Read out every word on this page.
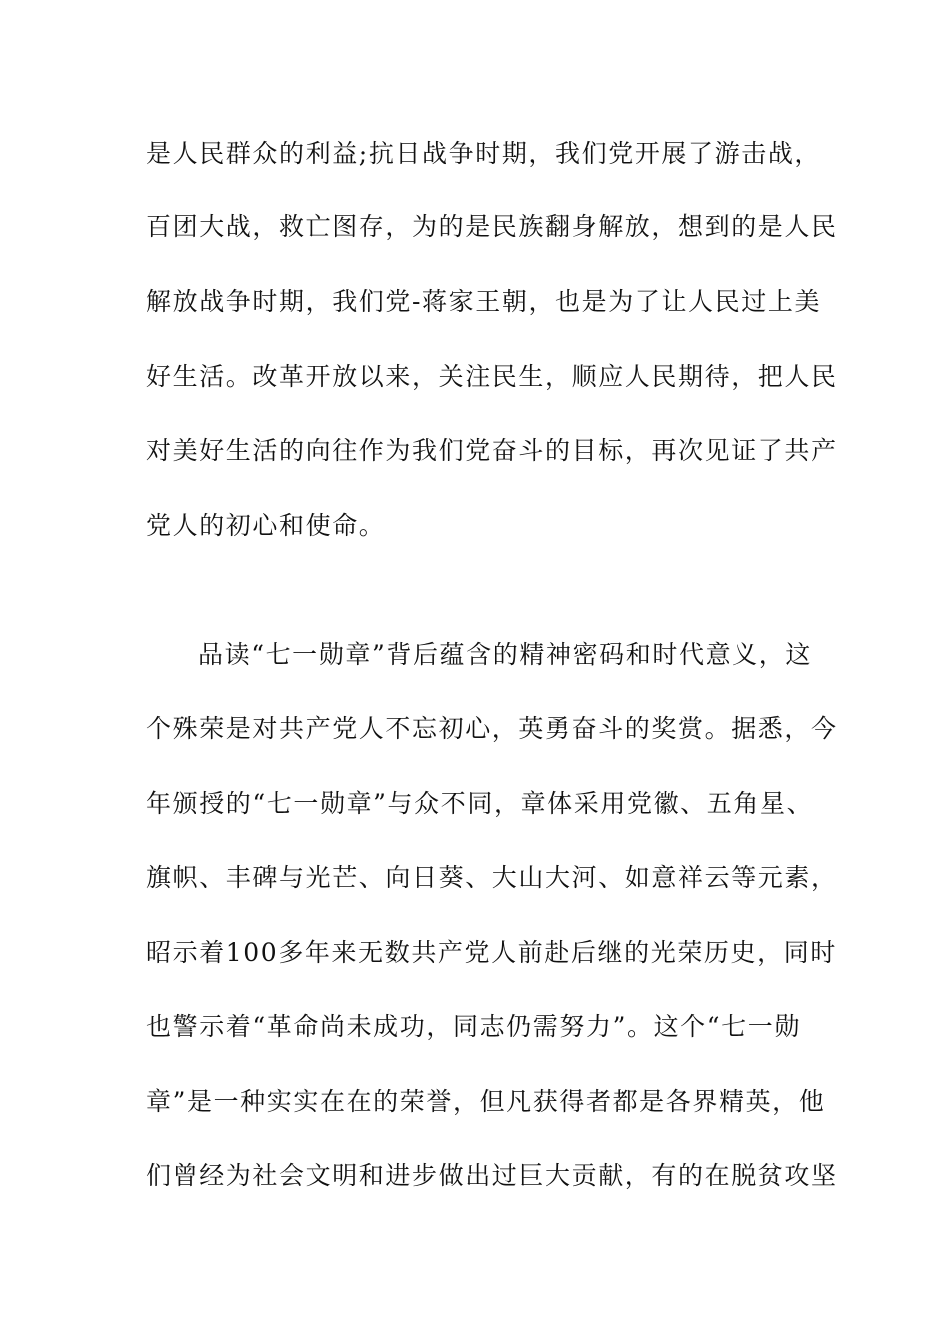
是人民群众的利益;抗日战争时期，我们党开展了游击战，
百团大战，救亡图存，为的是民族翻身解放，想到的是人民
解放战争时期，我们党-蒋家王朝，也是为了让人民过上美
好生活。改革开放以来，关注民生，顺应人民期待，把人民
对美好生活的向往作为我们党奋斗的目标，再次见证了共产
党人的初心和使命。
品读“七一勋章”背后蕴含的精神密码和时代意义，这
个殊荣是对共产党人不忘初心，英勇奋斗的奖赏。据悉，今
年颁授的“七一勋章”与众不同，章体采用党徽、五角星、
旗帜、丰碑与光芒、向日葵、大山大河、如意祥云等元素，
昭示着100多年来无数共产党人前赴后继的光荣历史，同时
也警示着“革命尚未成功，同志仍需努力”。这个“七一勋
章”是一种实实在在的荣誉，但凡获得者都是各界精英，他
们曾经为社会文明和进步做出过巨大贡献，有的在脱贫攻坚
